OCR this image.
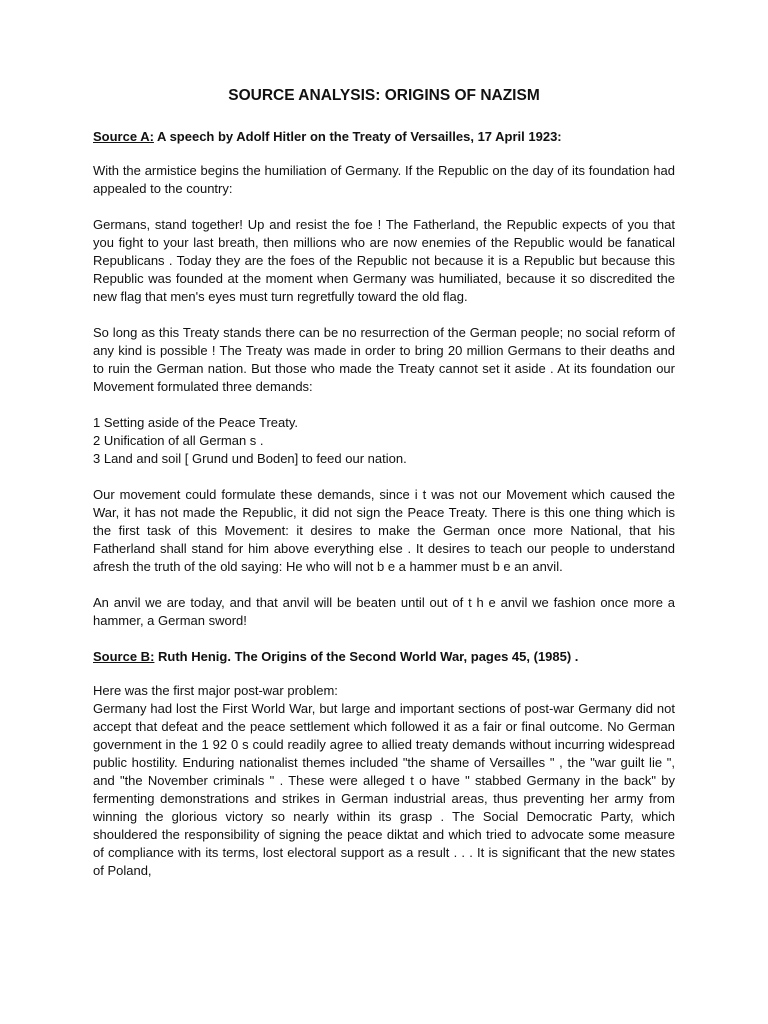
SOURCE ANALYSIS: ORIGINS OF NAZISM
Source A: A speech by Adolf Hitler on the Treaty of Versailles, 17 April 1923:

With the armistice begins the humiliation of Germany. If the Republic on the day of its foundation had appealed to the country:

Germans, stand together! Up and resist the foe ! The Fatherland, the Republic expects of you that you fight to your last breath, then millions who are now enemies of the Republic would be fanatical Republicans . Today they are the foes of the Republic not because it is a Republic but because this Republic was founded at the moment when Germany was humiliated, because it so discredited the new flag that men's eyes must turn regretfully toward the old flag.

So long as this Treaty stands there can be no resurrection of the German people; no social reform of any kind is possible ! The Treaty was made in order to bring 20 million Germans to their deaths and to ruin the German nation. But those who made the Treaty cannot set it aside . At its foundation our Movement formulated three demands:

1 Setting aside of the Peace Treaty.
2 Unification of all German s .
3 Land and soil [ Grund und Boden] to feed our nation.

Our movement could formulate these demands, since i t was not our Movement which caused the War, it has not made the Republic, it did not sign the Peace Treaty. There is this one thing which is the first task of this Movement: it desires to make the German once more National, that his Fatherland shall stand for him above everything else . It desires to teach our people to understand afresh the truth of the old saying: He who will not b e a hammer must b e an anvil.

An anvil we are today, and that anvil will be beaten until out of t h e anvil we fashion once more a hammer, a German sword!

Source B: Ruth Henig. The Origins of the Second World War, pages 45, (1985) .

Here was the first major post-war problem:

Germany had lost the First World War, but large and important sections of post-war Germany did not accept that defeat and the peace settlement which followed it as a fair or final outcome. No German government in the 1 92 0 s could readily agree to allied treaty demands without incurring widespread public hostility. Enduring nationalist themes included "the shame of Versailles " , the "war guilt lie ", and "the November criminals " . These were alleged t o have " stabbed Germany in the back" by fermenting demonstrations and strikes in German industrial areas, thus preventing her army from winning the glorious victory so nearly within its grasp . The Social Democratic Party, which shouldered the responsibility of signing the peace diktat and which tried to advocate some measure of compliance with its terms, lost electoral support as a result . . . It is significant that the new states of Poland,
